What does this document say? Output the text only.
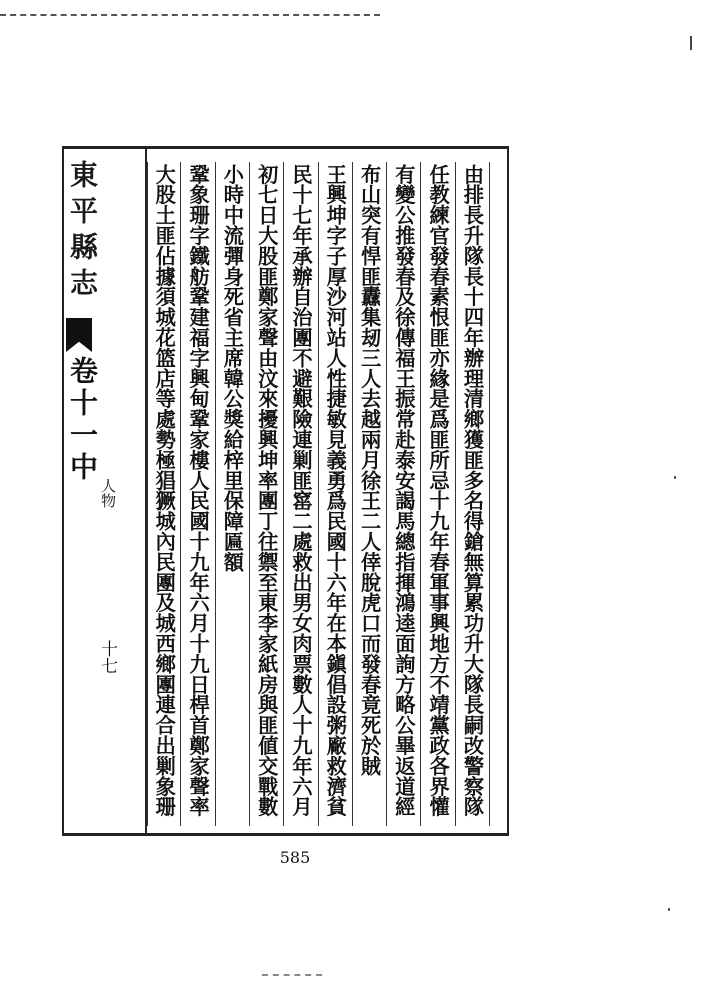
東平縣志
卷十一中
人物
十七	由排長升隊長十四年辦理清鄉獲匪多名得鎗無算累功升大隊長嗣改警察隊
任教練官發春素恨匪亦緣是爲匪所忌十九年春軍事興地方不靖黨政各界懽
有變公推發春及徐傳福王振常赴泰安謁馬總指揮鴻逵面詢方略公畢返道經
布山突有悍匪纛集刼三人去越兩月徐王二人倖脫虎口而發春竟死於賊
王興坤字子厚沙河站人性捷敏見義勇爲民國十六年在本鎭倡設粥廠救濟貧
民十七年承辦自治團不避艱險連剿匪窰二處救出男女肉票數人十九年六月
初七日大股匪鄭家聲由汶來擾興坤率團丁往禦至東李家紙房與匪値交戰數
小時中流彈身死省主席韓公獎給梓里保障匾額
鞏象珊字鐵舫鞏建福字興甸鞏家樓人民國十九年六月十九日桿首鄭家聲率
大股土匪佔據須城花篮店等處勢極猖獗城內民團及城西鄉團連合出剿象珊
585
